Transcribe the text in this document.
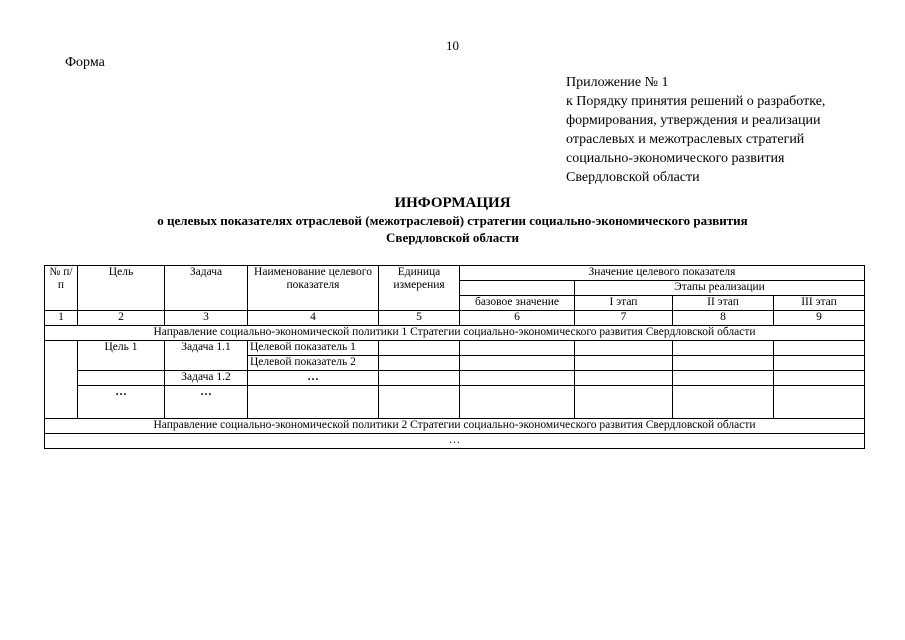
10
Форма
Приложение № 1
к Порядку принятия решений о разработке,
формирования, утверждения и реализации
отраслевых и межотраслевых стратегий
социально-экономического развития
Свердловской области
ИНФОРМАЦИЯ
о целевых показателях отраслевой (межотраслевой) стратегии социально-экономического развития
Свердловской области
№ п/п	Цель	Задача	Наименование целевого показателя	Единица измерения	Значение целевого показателя			
						Этапы реализации		
					базовое значение	I этап	II этап	III этап
1	2	3	4	5	6	7	8	9
Направление социально-экономической политики 1 Стратегии социально-экономического развития Свердловской области								
	Цель 1	Задача 1.1	Целевой показатель 1					
			Целевой показатель 2					
		Задача 1.2	…					
	…	…						
Направление социально-экономической политики 2 Стратегии социально-экономического развития Свердловской области								
…								
